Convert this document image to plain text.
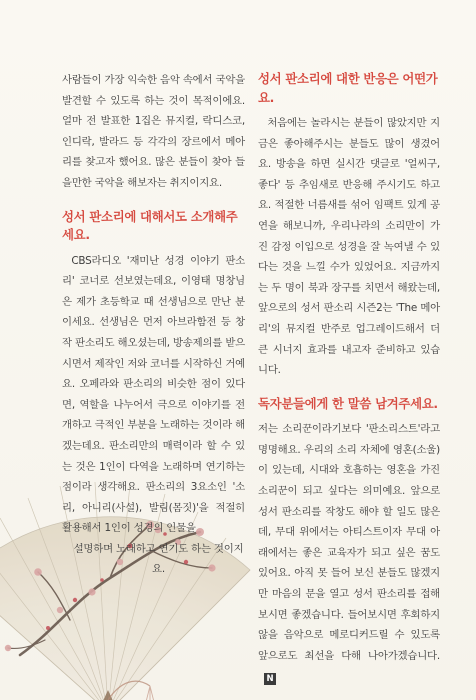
사람들이 가장 익숙한 음악 속에서 국악을 발견할 수 있도록 하는 것이 목적이에요. 얼마 전 발표한 1집은 뮤지컬, 락디스코, 인디락, 발라드 등 각각의 장르에서 메아리를 찾고자 했어요. 많은 분들이 찾아 들을만한 국악을 해보자는 취지이지요.

성서 판소리에 대해서도 소개해주세요.

CBS라디오 '재미난 성경 이야기 판소리' 코너로 선보였는데요, 이영태 명창님은 제가 초등학교 때 선생님으로 만난 분이세요. 선생님은 먼저 아브라함전 등 창작 판소리도 해오셨는데, 방송제의를 받으시면서 제작인 저와 코너를 시작하신 거예요. 오페라와 판소리의 비슷한 점이 있다면, 역할을 나누어서 극으로 이야기를 전개하고 극적인 부분을 노래하는 것이라 해겠는데요. 판소리만의 매력이라 할 수 있는 것은 1인이 다역을 노래하며 연기하는 점이라 생각해요. 판소리의 3요소인 '소리, 아니리(사설), 발림(몸짓)'을 적절히 활용해서 1인이 성경의 인물을

설명하며 노래하고 연기도 하는 것이지요.

성서 판소리에 대한 반응은 어떤가요.

처음에는 놀라시는 분들이 많았지만 지금은 좋아해주시는 분들도 많이 생겼어요. 방송을 하면 실시간 댓글로 '얼씨구, 좋다' 등 추임새로 반응해 주시기도 하고요. 적절한 너름새를 섞어 임팩트 있게 공연을 해보니까, 우리나라의 소리만이 가진 감정 이입으로 성경을 잘 녹여낼 수 있다는 것을 느낄 수가 있었어요. 지금까지는 두 명이 북과 장구를 치면서 해왔는데, 앞으로의 성서 판소리 시즌2는 'The 메아리'의 뮤지컬 반주로 업그레이드해서 더 큰 시너지 효과를 내고자 준비하고 있습니다.

독자분들에게 한 말씀 남겨주세요.

저는 소리꾼이라기보다 '판소리스트'라고 명명해요. 우리의 소리 자체에 영혼(소울)이 있는데, 시대와 호흡하는 영혼을 가진 소리꾼이 되고 싶다는 의미예요. 앞으로 성서 판소리를 작창도 해야 할 일도 많은데, 무대 위에서는 아티스트이자 무대 아래에서는 좋은 교육자가 되고 싶은 꿈도 있어요. 아직 못 들어 보신 분들도 많겠지만 마음의 문을 열고 성서 판소리를 접해보시면 좋겠습니다. 들어보시면 후회하지 않을 음악으로 메로디커드릴 수 있도록 앞으로도 최선을 다해 나아가겠습니다.N
